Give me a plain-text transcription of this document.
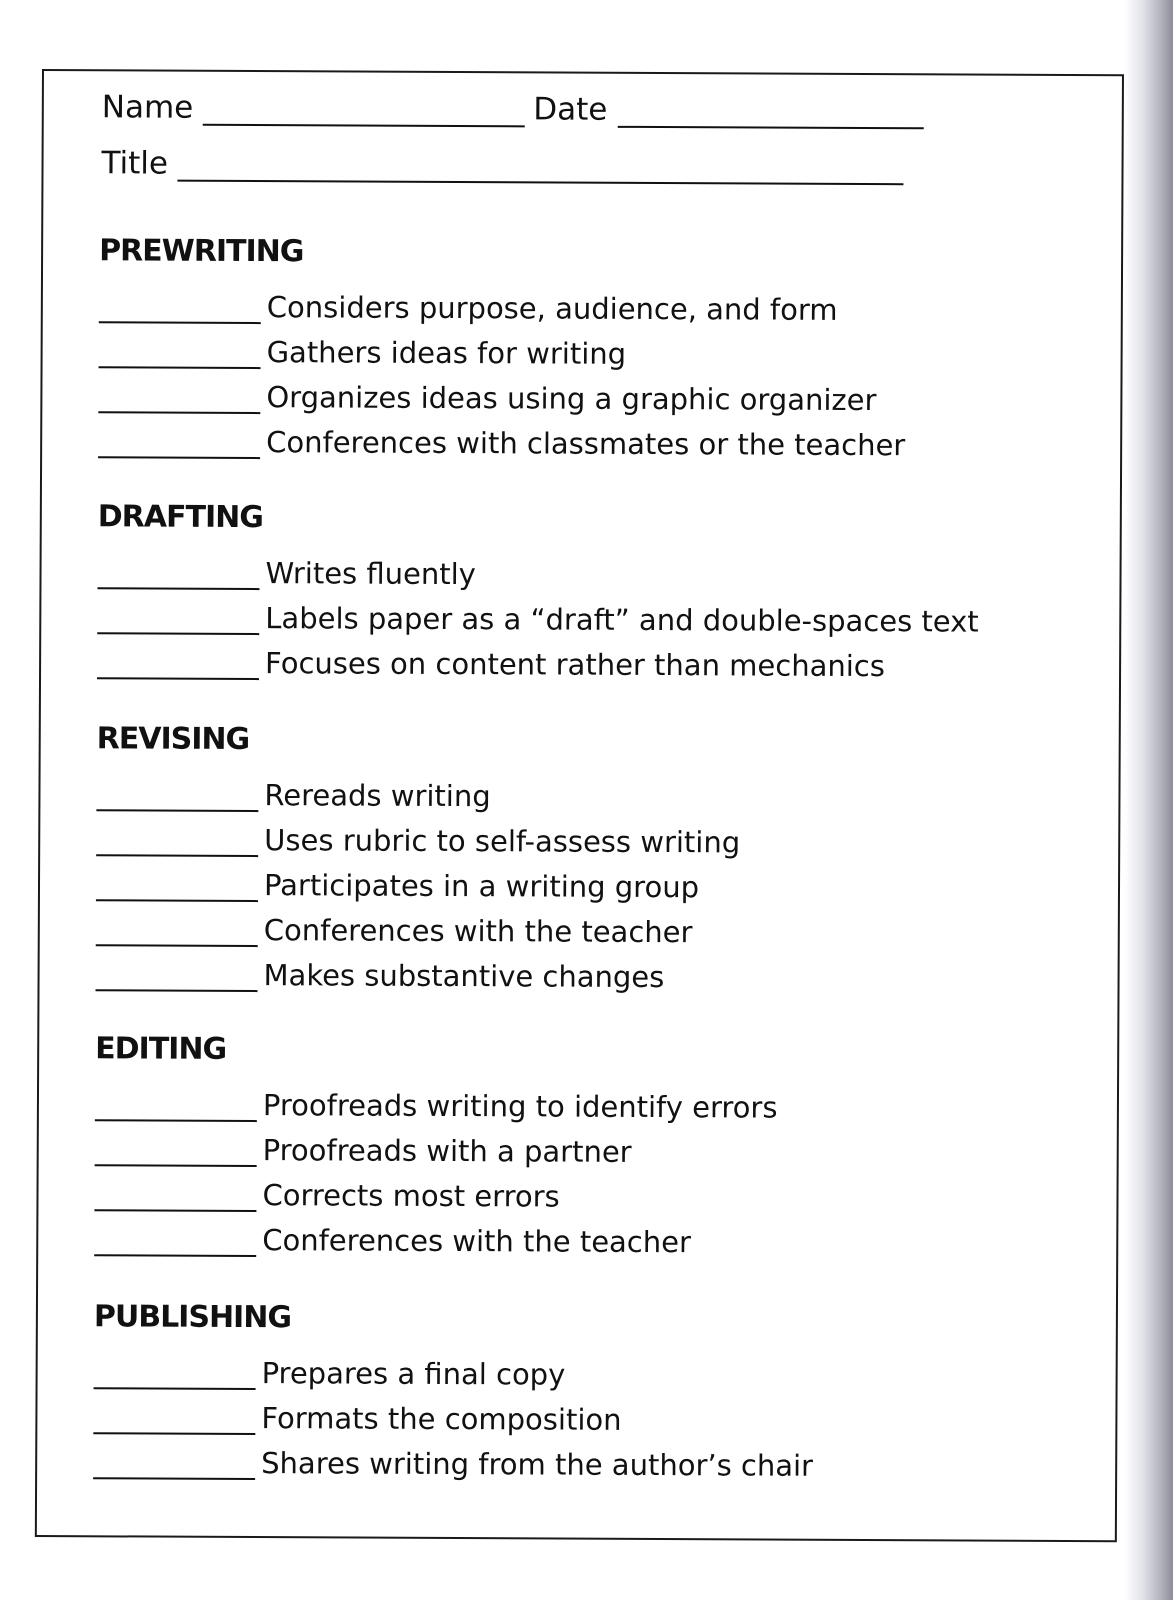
Name	Date
Title
PREWRITING
Considers purpose, audience, and form
Gathers ideas for writing
Organizes ideas using a graphic organizer
Conferences with classmates or the teacher
DRAFTING
Writes fluently
Labels paper as a “draft” and double-spaces text
Focuses on content rather than mechanics
REVISING
Rereads writing
Uses rubric to self-assess writing
Participates in a writing group
Conferences with the teacher
Makes substantive changes
EDITING
Proofreads writing to identify errors
Proofreads with a partner
Corrects most errors
Conferences with the teacher
PUBLISHING
Prepares a final copy
Formats the composition
Shares writing from the author’s chair
